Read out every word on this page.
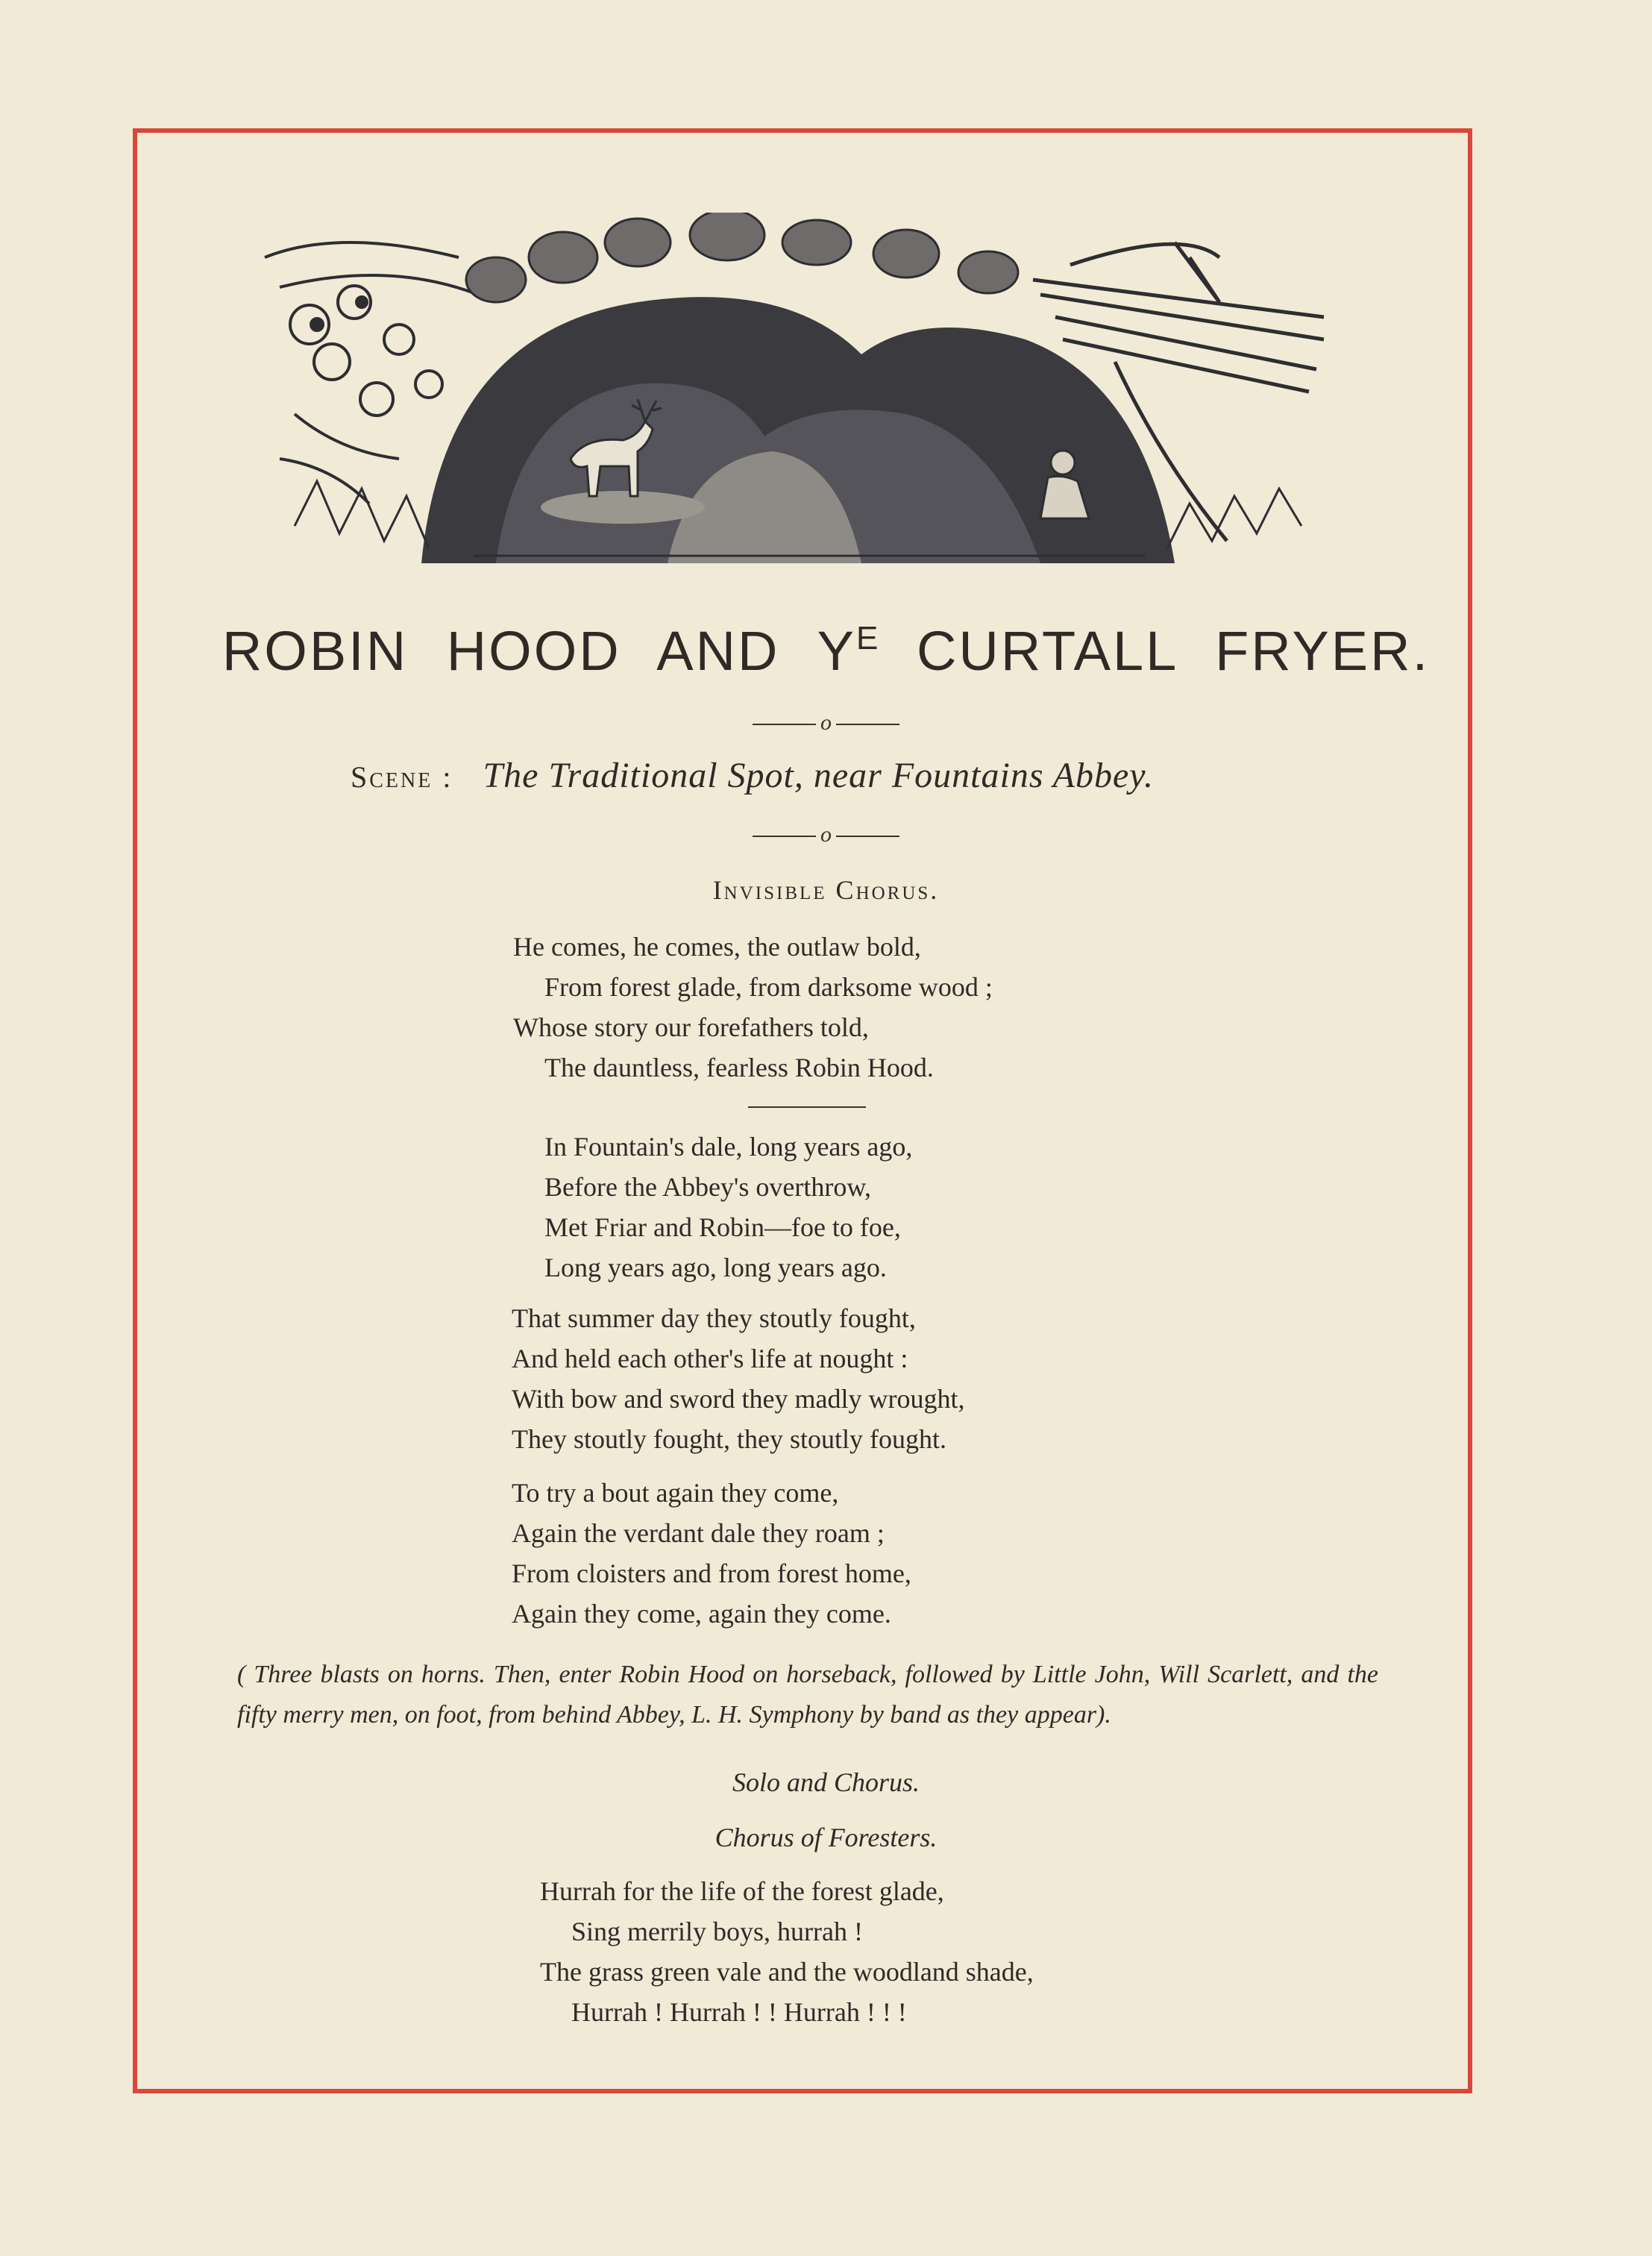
ROBIN HOOD AND $Y^E$ CURTALL FRYER.
o
Scene : The Traditional Spot, near Fountains Abbey.
o
Invisible Chorus.
He comes, he comes, the outlaw bold,
From forest glade, from darksome wood ;
Whose story our forefathers told,
The dauntless, fearless Robin Hood.
In Fountain's dale, long years ago,
Before the Abbey's overthrow,
Met Friar and Robin—foe to foe,
Long years ago, long years ago.
That summer day they stoutly fought,
And held each other's life at nought :
With bow and sword they madly wrought,
They stoutly fought, they stoutly fought.
To try a bout again they come,
Again the verdant dale they roam ;
From cloisters and from forest home,
Again they come, again they come.
( Three blasts on horns. Then, enter Robin Hood on horseback, followed by Little John, Will Scarlett, and the fifty merry men, on foot, from behind Abbey, L. H. Symphony by band as they appear).
Solo and Chorus.
Chorus of Foresters.
Hurrah for the life of the forest glade,
Sing merrily boys, hurrah !
The grass green vale and the woodland shade,
Hurrah ! Hurrah ! ! Hurrah ! ! !
